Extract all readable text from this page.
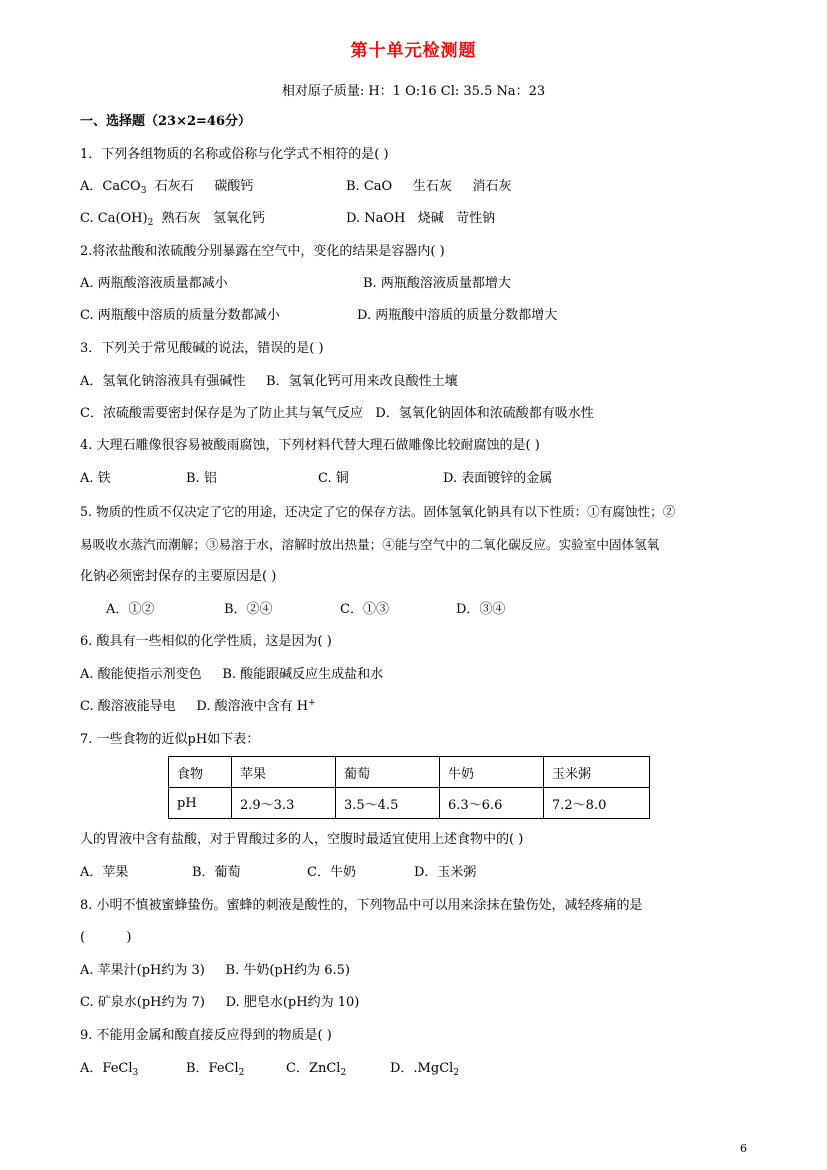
第十单元检测题
相对原子质量: H：1 O:16 Cl: 35.5 Na：23
一、选择题（23×2=46分）
1．下列各组物质的名称或俗称与化学式不相符的是( )
A．CaCO$_3$  石灰石     碳酸钙	B. CaO     生石灰     消石灰
C. $Ca(OH)_2$  熟石灰   氢氧化钙	D. NaOH   烧碱   苛性钠
2.将浓盐酸和浓硫酸分别暴露在空气中，变化的结果是容器内( )
A. 两瓶酸溶液质量都减小	B. 两瓶酸溶液质量都增大
C. 两瓶酸中溶质的质量分数都减小	D. 两瓶酸中溶质的质量分数都增大
3．下列关于常见酸碱的说法，错误的是( )
A．氢氧化钠溶液具有强碱性     B．氢氧化钙可用来改良酸性土壤
C．浓硫酸需要密封保存是为了防止其与氧气反应   D．氢氧化钠固体和浓硫酸都有吸水性
4. 大理石雕像很容易被酸雨腐蚀，下列材料代替大理石做雕像比较耐腐蚀的是( )
A. 铁	B. 铝	C. 铜	D. 表面镀锌的金属
5. 物质的性质不仅决定了它的用途，还决定了它的保存方法。固体氢氧化钠具有以下性质：①有腐蚀性；②
易吸收水蒸汽而潮解；③易溶于水，溶解时放出热量；④能与空气中的二氧化碳反应。实验室中固体氢氧
化钠必须密封保存的主要原因是( )
A．①②	B．②④	C．①③	D．③④
6. 酸具有一些相似的化学性质，这是因为( )
A. 酸能使指示剂变色     B. 酸能跟碱反应生成盐和水
C. 酸溶液能导电     D. 酸溶液中含有 H+
7. 一些食物的近似pH如下表：
食物	苹果	葡萄	牛奶	玉米粥
pH	2.9～3.3	3.5～4.5	6.3～6.6	7.2～8.0
人的胃液中含有盐酸，对于胃酸过多的人，空腹时最适宜使用上述食物中的( )
A．苹果	B．葡萄	C．牛奶	D．玉米粥
8. 小明不慎被蜜蜂蛰伤。蜜蜂的刺液是酸性的，下列物品中可以用来涂抹在蛰伤处，减轻疼痛的是
(          )
A. 苹果汁(pH约为 3)     B. 牛奶(pH约为 6.5)
C. 矿泉水(pH约为 7)     D. 肥皂水(pH约为 10)
9. 不能用金属和酸直接反应得到的物质是( )
A．FeCl$_3$	B．FeCl$_2$	C．ZnCl$_2$	D．.MgCl$_2$
6
